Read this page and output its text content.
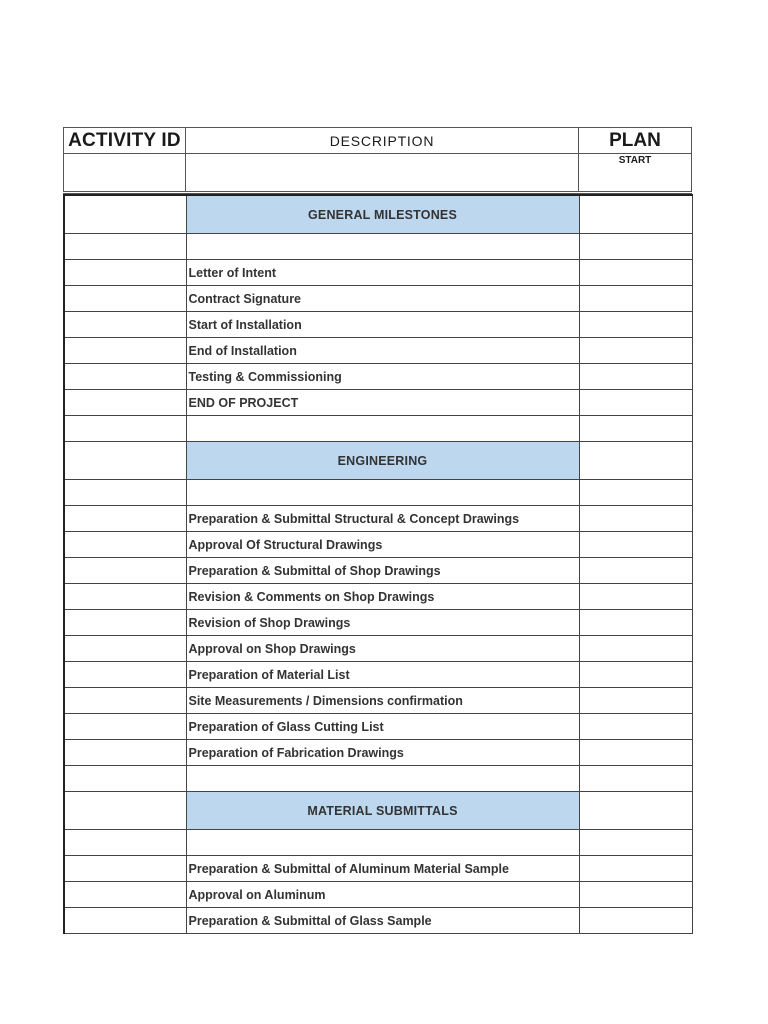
ACTIVITY ID	DESCRIPTION	PLAN
		START
	GENERAL MILESTONES	

	Letter of Intent	
	Contract Signature	
	Start of Installation	
	End of Installation	
	Testing & Commissioning	
	END OF PROJECT	

	ENGINEERING	

	Preparation & Submittal Structural & Concept Drawings	
	Approval Of Structural Drawings	
	Preparation & Submittal of Shop Drawings	
	Revision & Comments on Shop Drawings	
	Revision of Shop Drawings	
	Approval on Shop Drawings	
	Preparation of Material List	
	Site Measurements / Dimensions confirmation	
	Preparation of Glass Cutting List	
	Preparation of Fabrication Drawings	

	MATERIAL SUBMITTALS	

	Preparation & Submittal of Aluminum Material Sample	
	Approval on Aluminum	
	Preparation & Submittal of Glass Sample	
